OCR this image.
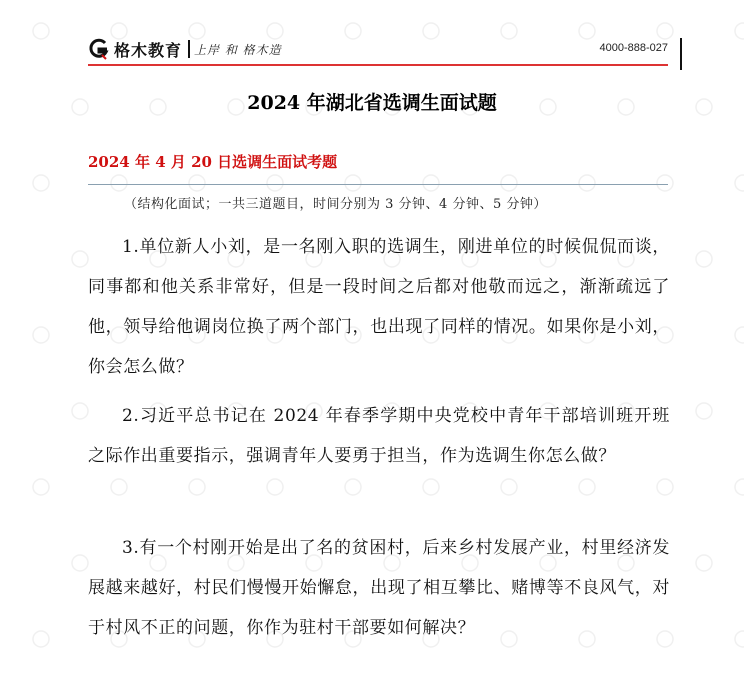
格木教育 上岸 和 格木造	4000-888-027
2024 年湖北省选调生面试题
2024 年 4 月 20 日选调生面试考题
（结构化面试；一共三道题目，时间分别为 3 分钟、4 分钟、5 分钟）

1.单位新人小刘，是一名刚入职的选调生，刚进单位的时候侃侃而谈，同事都和他关系非常好，但是一段时间之后都对他敬而远之，渐渐疏远了他，领导给他调岗位换了两个部门，也出现了同样的情况。如果你是小刘，你会怎么做？

2.习近平总书记在 2024 年春季学期中央党校中青年干部培训班开班之际作出重要指示，强调青年人要勇于担当，作为选调生你怎么做？

3.有一个村刚开始是出了名的贫困村，后来乡村发展产业，村里经济发展越来越好，村民们慢慢开始懈怠，出现了相互攀比、赌博等不良风气，对于村风不正的问题，你作为驻村干部要如何解决？
